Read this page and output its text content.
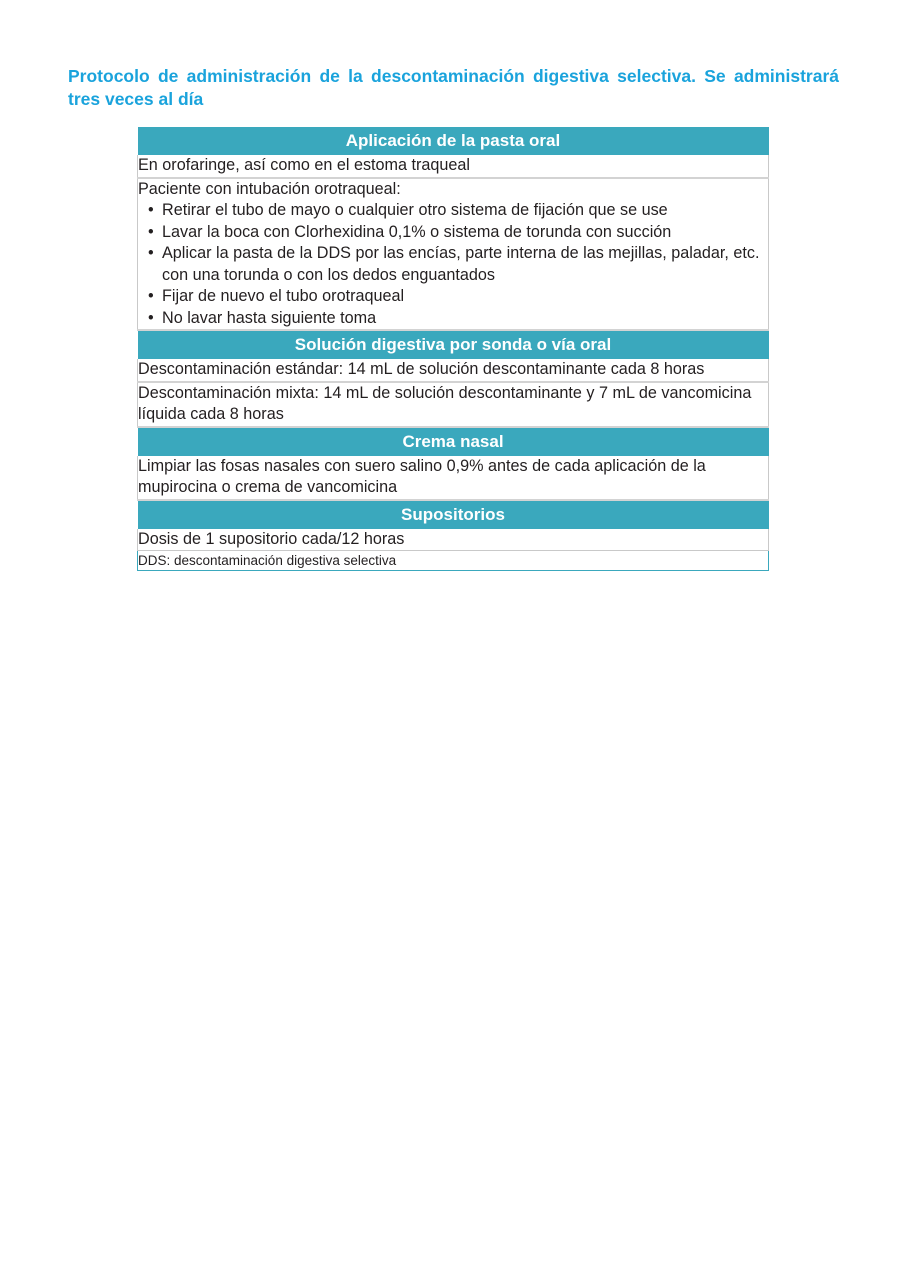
Protocolo de administración de la descontaminación digestiva selectiva. Se administrará tres veces al día
Aplicación de la pasta oral
En orofaringe, así como en el estoma traqueal

Paciente con intubación orotraqueal:
• Retirar el tubo de mayo o cualquier otro sistema de fijación que se use
• Lavar la boca con Clorhexidina 0,1% o sistema de torunda con succión
• Aplicar la pasta de la DDS por las encías, parte interna de las mejillas, paladar, etc. con una torunda o con los dedos enguantados
• Fijar de nuevo el tubo orotraqueal
• No lavar hasta siguiente toma

Solución digestiva por sonda o vía oral
Descontaminación estándar: 14 mL de solución descontaminante cada 8 horas
Descontaminación mixta: 14 mL de solución descontaminante y 7 mL de vancomicina líquida cada 8 horas
Crema nasal
Limpiar las fosas nasales con suero salino 0,9% antes de cada aplicación de la mupirocina o crema de vancomicina
Supositorios
Dosis de 1 supositorio cada/12 horas
DDS: descontaminación digestiva selectiva
